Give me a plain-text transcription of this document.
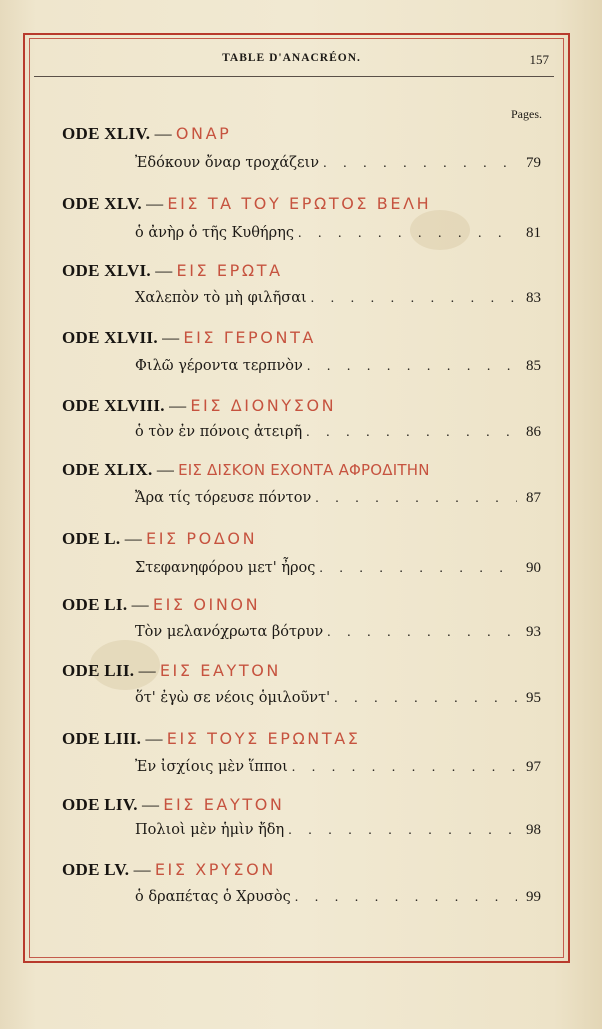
TABLE D'ANACRÉON.	157
Pages.
ODE XLIV. — ΟΝΑΡ
Ἐδόκουν ὄναρ τροχάζειν . . .	79
ODE XLV. — ΕΙΣ ΤΑ ΤΟΥ ΕΡΩΤΟΣ ΒΕΛΗ
ὁ ἀνὴρ ὁ τῆς Κυθήρης . . .	81
ODE XLVI. — ΕΙΣ ΕΡΩΤΑ
Χαλεπὸν τὸ μὴ φιλῆσαι . . .	83
ODE XLVII. — ΕΙΣ ΓΕΡΟΝΤΑ
Φιλῶ γέροντα τερπνὸν . . .	85
ODE XLVIII. — ΕΙΣ ΔΙΟΝΥΣΟΝ
ὁ τὸν ἐν πόνοις ἀτειρῆ . . .	86
ODE XLIX. — ΕΙΣ ΔΙΣΚΟΝ ΕΧΟΝΤΑ ΑΦΡΟΔΙΤΗΝ
Ἄρα τίς τόρευσε πόντον . . .	87
ODE L. — ΕΙΣ ΡΟΔΟΝ
Στεφανηφόρου μετ' ἦρος . . .	90
ODE LI. — ΕΙΣ ΟΙΝΟΝ
Τὸν μελανόχρωτα βότρυν . . .	93
ODE LII. — ΕΙΣ ΕΑΥΤΟΝ
ὅτ' ἐγὼ σε νέοις ὁμιλοῦντ' . . .	95
ODE LIII. — ΕΙΣ ΤΟΥΣ ΕΡΩΝΤΑΣ
Ἐν ἰσχίοις μὲν ἵπποι . . .	97
ODE LIV. — ΕΙΣ ΕΑΥΤΟΝ
Πολιοὶ μὲν ἡμὶν ἤδη . . .	98
ODE LV. — ΕΙΣ ΧΡΥΣΟΝ
ὁ δραπέτας ὁ Χρυσὸς . . .	99
